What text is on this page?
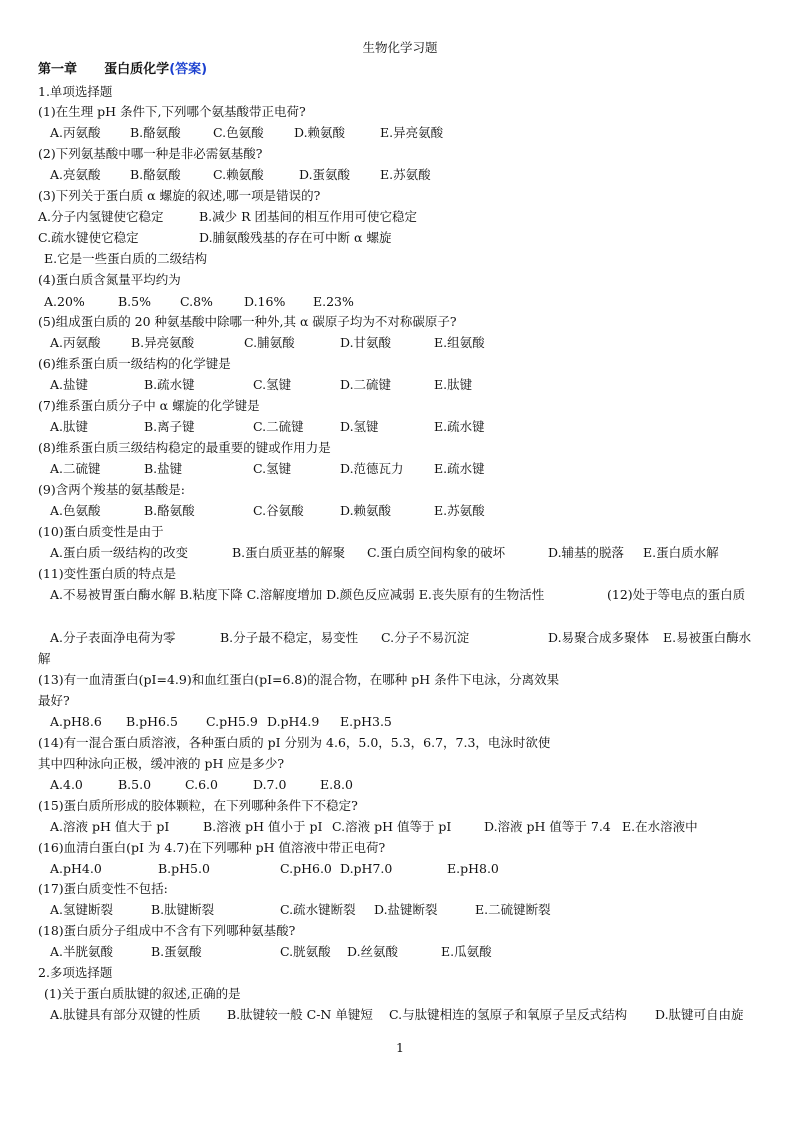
生物化学习题
第一章 蛋白质化学(答案)
1.单项选择题
(1)在生理 pH 条件下,下列哪个氨基酸带正电荷?
A.丙氨酸 B.酪氨酸	C.色氨酸 D.赖氨酸	E.异亮氨酸
(2)下列氨基酸中哪一种是非必需氨基酸?
A.亮氨酸 B.酪氨酸	C.赖氨酸	D.蛋氨酸 E.苏氨酸
(3)下列关于蛋白质 α 螺旋的叙述,哪一项是错误的?
A.分子内氢键使它稳定	B.减少 R 团基间的相互作用可使它稳定
C.疏水键使它稳定	D.脯氨酸残基的存在可中断 α 螺旋
E.它是一些蛋白质的二级结构
(4)蛋白质含氮量平均约为
A.20%	B.5% C.8% D.16% E.23%
(5)组成蛋白质的 20 种氨基酸中除哪一种外,其 α 碳原子均为不对称碳原子?
A.丙氨酸 B.异亮氨酸	C.脯氨酸	D.甘氨酸	E.组氨酸
(6)维系蛋白质一级结构的化学键是
A.盐键	B.疏水键	C.氢键	D.二硫键	E.肽键
(7)维系蛋白质分子中 α 螺旋的化学键是
A.肽键	B.离子键	C.二硫键	D.氢键	E.疏水键
(8)维系蛋白质三级结构稳定的最重要的键或作用力是
A.二硫键	B.盐键	C.氢键	D.范德瓦力 E.疏水键
(9)含两个羧基的氨基酸是:
A.色氨酸	B.酪氨酸	C.谷氨酸	D.赖氨酸	E.苏氨酸
(10)蛋白质变性是由于
A.蛋白质一级结构的改变	B.蛋白质亚基的解聚 C.蛋白质空间构象的破坏	D.辅基的脱落 E.蛋白质水解
(11)变性蛋白质的特点是
A.不易被胃蛋白酶水解 B.粘度下降 C.溶解度增加 D.颜色反应减弱 E.丧失原有的生物活性	(12)处于等电点的蛋白质
A.分子表面净电荷为零	B.分子最不稳定，易变性 C.分子不易沉淀	D.易聚合成多聚体 E.易被蛋白酶水
解
(13)有一血清蛋白(pI=4.9)和血红蛋白(pI=6.8)的混合物，在哪种 pH 条件下电泳，分离效果
最好?
A.pH8.6 B.pH6.5 C.pH5.9 D.pH4.9 E.pH3.5
(14)有一混合蛋白质溶液，各种蛋白质的 pI 分别为 4.6，5.0，5.3，6.7，7.3，电泳时欲使
其中四种泳向正极，缓冲液的 pH 应是多少?
A.4.0	B.5.0	C.6.0	D.7.0	E.8.0
(15)蛋白质所形成的胶体颗粒，在下列哪种条件下不稳定?
A.溶液 pH 值大于 pI	B.溶液 pH 值小于 pI C.溶液 pH 值等于 pI	D.溶液 pH 值等于 7.4 E.在水溶液中
(16)血清白蛋白(pI 为 4.7)在下列哪种 pH 值溶液中带正电荷?
A.pH4.0	B.pH5.0	C.pH6.0 D.pH7.0	E.pH8.0
(17)蛋白质变性不包括:
A.氢键断裂	B.肽键断裂	C.疏水键断裂 D.盐键断裂	E.二硫键断裂
(18)蛋白质分子组成中不含有下列哪种氨基酸?
A.半胱氨酸	B.蛋氨酸	C.胱氨酸 D.丝氨酸	E.瓜氨酸
2.多项选择题
(1)关于蛋白质肽键的叙述,正确的是
A.肽键具有部分双键的性质 B.肽键较一般 C-N 单键短 C.与肽键相连的氢原子和氧原子呈反式结构 D.肽键可自由旋
1
